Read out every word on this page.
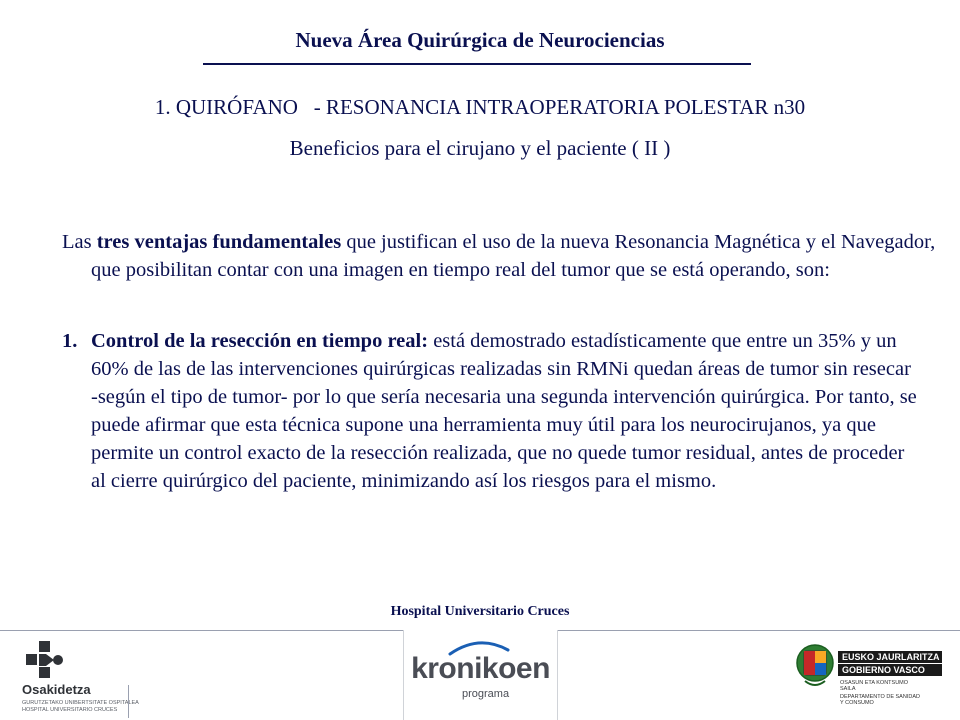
Nueva Área Quirúrgica de Neurociencias
1. QUIRÓFANO   - RESONANCIA INTRAOPERATORIA POLESTAR n30
Beneficios para el cirujano y el paciente ( II )
Las tres ventajas fundamentales que justifican el uso de la nueva Resonancia Magnética y el Navegador, que posibilitan contar con una imagen en tiempo real del tumor que se está operando, son:
1. Control de la resección en tiempo real: está demostrado estadísticamente que entre un 35% y un 60% de las de las intervenciones quirúrgicas realizadas sin RMNi quedan áreas de tumor sin resecar -según el tipo de tumor- por lo que sería necesaria una segunda intervención quirúrgica. Por tanto, se puede afirmar que esta técnica supone una herramienta muy útil para los neurocirujanos, ya que permite un control exacto de la resección realizada, que no quede tumor residual, antes de proceder al cierre quirúrgico del paciente, minimizando así los riesgos para el mismo.
Hospital Universitario Cruces
Osakidetza
GURUTZETAKO UNIBERTSITATE OSPITALEA
HOSPITAL UNIVERSITARIO CRUCES
kronikoen
programa
EUSKO JAURLARITZA
GOBIERNO VASCO
OSASUN ETA KONTSUMO
SAILA
DEPARTAMENTO DE SANIDAD
Y CONSUMO
